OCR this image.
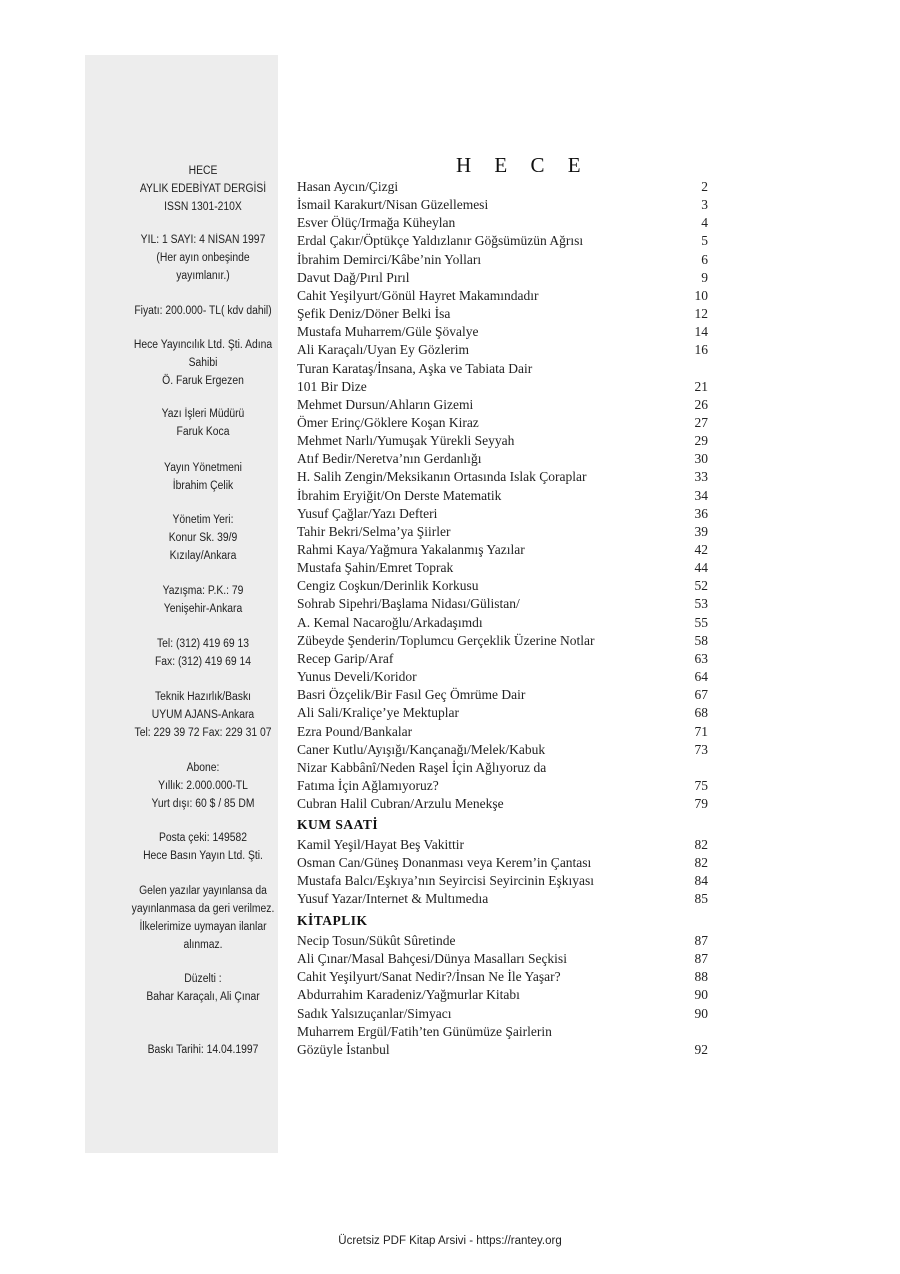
HECE
AYLIK EDEBİYAT DERGİSİ
ISSN 1301-210X
YIL: 1 SAYI: 4 NİSAN 1997
(Her ayın onbeşinde
yayımlanır.)
Fiyatı: 200.000- TL( kdv dahil)
Hece Yayıncılık Ltd. Şti. Adına
Sahibi
Ö. Faruk Ergezen
Yazı İşleri Müdürü
Faruk Koca
Yayın Yönetmeni
İbrahim Çelik
Yönetim Yeri:
Konur Sk. 39/9
Kızılay/Ankara
Yazışma: P.K.: 79
Yenişehir-Ankara
Tel: (312) 419 69 13
Fax: (312) 419 69 14
Teknik Hazırlık/Baskı
UYUM AJANS-Ankara
Tel: 229 39 72 Fax: 229 31 07
Abone:
Yıllık: 2.000.000-TL
Yurt dışı: 60 $ / 85 DM
Posta çeki: 149582
Hece Basın Yayın Ltd. Şti.
Gelen yazılar yayınlansa da
yayınlanmasa da geri verilmez.
İlkelerimize uymayan ilanlar
alınmaz.
Düzelti :
Bahar Karaçalı, Ali Çınar
Baskı Tarihi: 14.04.1997
H E C E
Hasan Aycın/Çizgi	2
İsmail Karakurt/Nisan Güzellemesi	3
Esver Ölüç/Irmağa Küheylan	4
Erdal Çakır/Öptükçe Yaldızlanır Göğsümüzün Ağrısı	5
İbrahim Demirci/Kâbe’nin Yolları	6
Davut Dağ/Pırıl Pırıl	9
Cahit Yeşilyurt/Gönül Hayret Makamındadır	10
Şefik Deniz/Döner Belki İsa	12
Mustafa Muharrem/Güle Şövalye	14
Ali Karaçalı/Uyan Ey Gözlerim	16
Turan Karataş/İnsana, Aşka ve Tabiata Dair
101 Bir Dize	21
Mehmet Dursun/Ahların Gizemi	26
Ömer Erinç/Göklere Koşan Kiraz	27
Mehmet Narlı/Yumuşak Yürekli Seyyah	29
Atıf Bedir/Neretva’nın Gerdanlığı	30
H. Salih Zengin/Meksikanın Ortasında Islak Çoraplar	33
İbrahim Eryiğit/On Derste Matematik	34
Yusuf Çağlar/Yazı Defteri	36
Tahir Bekri/Selma’ya Şiirler	39
Rahmi Kaya/Yağmura Yakalanmış Yazılar	42
Mustafa Şahin/Emret Toprak	44
Cengiz Coşkun/Derinlik Korkusu	52
Sohrab Sipehri/Başlama Nidası/Gülistan/	53
A. Kemal Nacaroğlu/Arkadaşımdı	55
Zübeyde Şenderin/Toplumcu Gerçeklik Üzerine Notlar	58
Recep Garip/Araf	63
Yunus Develi/Koridor	64
Basri Özçelik/Bir Fasıl Geç Ömrüme Dair	67
Ali Sali/Kraliçe’ye Mektuplar	68
Ezra Pound/Bankalar	71
Caner Kutlu/Ayışığı/Kançanağı/Melek/Kabuk	73
Nizar Kabbânî/Neden Raşel İçin Ağlıyoruz da
Fatıma İçin Ağlamıyoruz?	75
Cubran Halil Cubran/Arzulu Menekşe	79
KUM SAATİ
Kamil Yeşil/Hayat Beş Vakittir	82
Osman Can/Güneş Donanması veya Kerem’in Çantası	82
Mustafa Balcı/Eşkıya’nın Seyircisi Seyircinin Eşkıyası	84
Yusuf Yazar/Internet & Multımedıa	85
KİTAPLIK
Necip Tosun/Sükût Sûretinde	87
Ali Çınar/Masal Bahçesi/Dünya Masalları Seçkisi	87
Cahit Yeşilyurt/Sanat Nedir?/İnsan Ne İle Yaşar?	88
Abdurrahim Karadeniz/Yağmurlar Kitabı	90
Sadık Yalsızuçanlar/Simyacı	90
Muharrem Ergül/Fatih’ten Günümüze Şairlerin
Gözüyle İstanbul	92
Ücretsiz PDF Kitap Arsivi - https://rantey.org
